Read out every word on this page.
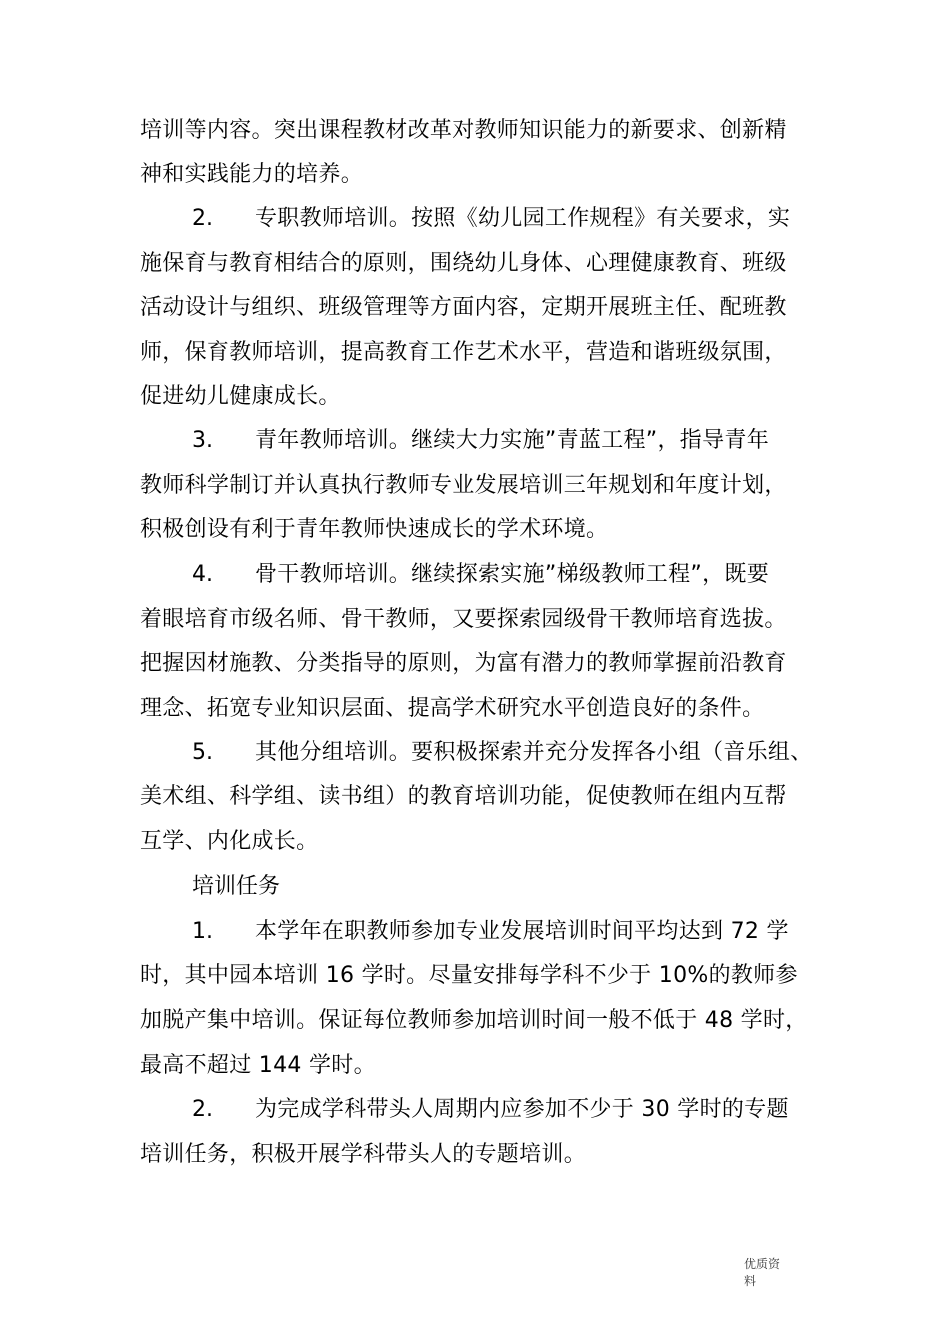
培训等内容。突出课程教材改革对教师知识能力的新要求、创新精
神和实践能力的培养。
2. 专职教师培训。按照《幼儿园工作规程》有关要求，实
施保育与教育相结合的原则，围绕幼儿身体、心理健康教育、班级
活动设计与组织、班级管理等方面内容，定期开展班主任、配班教
师，保育教师培训，提高教育工作艺术水平，营造和谐班级氛围，
促进幼儿健康成长。
3. 青年教师培训。继续大力实施”青蓝工程”，指导青年
教师科学制订并认真执行教师专业发展培训三年规划和年度计划，
积极创设有利于青年教师快速成长的学术环境。
4. 骨干教师培训。继续探索实施”梯级教师工程”，既要
着眼培育市级名师、骨干教师，又要探索园级骨干教师培育选拔。
把握因材施教、分类指导的原则，为富有潜力的教师掌握前沿教育
理念、拓宽专业知识层面、提高学术研究水平创造良好的条件。
5. 其他分组培训。要积极探索并充分发挥各小组（音乐组、
美术组、科学组、读书组）的教育培训功能，促使教师在组内互帮
互学、内化成长。
培训任务
1. 本学年在职教师参加专业发展培训时间平均达到 72 学
时，其中园本培训 16 学时。尽量安排每学科不少于 10%的教师参
加脱产集中培训。保证每位教师参加培训时间一般不低于 48 学时，
最高不超过 144 学时。
2. 为完成学科带头人周期内应参加不少于 30 学时的专题
培训任务，积极开展学科带头人的专题培训。
优质资
料
